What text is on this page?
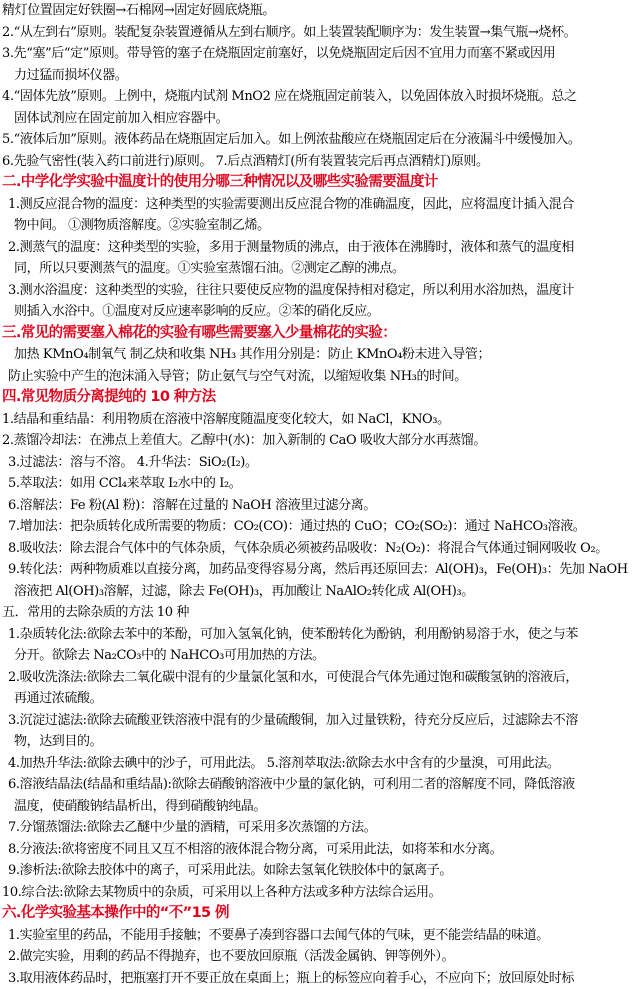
精灯位置固定好铁圈→石棉网→固定好圆底烧瓶。
2.“从左到右”原则。装配复杂装置遵循从左到右顺序。如上装置装配顺序为：发生装置→集气瓶→烧杯。
3.先“塞”后“定”原则。带导管的塞子在烧瓶固定前塞好，以免烧瓶固定后因不宜用力而塞不紧或因用
力过猛而损坏仪器。
4.“固体先放”原则。上例中，烧瓶内试剂 MnO2 应在烧瓶固定前装入，以免固体放入时损坏烧瓶。总之
固体试剂应在固定前加入相应容器中。
5.“液体后加”原则。液体药品在烧瓶固定后加入。如上例浓盐酸应在烧瓶固定后在分液漏斗中缓慢加入。
6.先验气密性(装入药口前进行)原则。 7.后点酒精灯(所有装置装完后再点酒精灯)原则。
二.中学化学实验中温度计的使用分哪三种情况以及哪些实验需要温度计
1.测反应混合物的温度：这种类型的实验需要测出反应混合物的准确温度，因此，应将温度计插入混合
物中间。 ①测物质溶解度。②实验室制乙烯。
2.测蒸气的温度：这种类型的实验，多用于测量物质的沸点，由于液体在沸腾时，液体和蒸气的温度相
同，所以只要测蒸气的温度。①实验室蒸馏石油。②测定乙醇的沸点。
3.测水浴温度：这种类型的实验，往往只要使反应物的温度保持相对稳定，所以利用水浴加热，温度计
则插入水浴中。①温度对反应速率影响的反应。②苯的硝化反应。
三.常见的需要塞入棉花的实验有哪些需要塞入少量棉花的实验：
加热 KMnO₄制氧气 制乙炔和收集 NH₃ 其作用分别是：防止 KMnO₄粉末进入导管；
防止实验中产生的泡沫涌入导管；防止氨气与空气对流，以缩短收集 NH₃的时间。
四.常见物质分离提纯的 10 种方法
1.结晶和重结晶：利用物质在溶液中溶解度随温度变化较大，如 NaCl，KNO₃。
2.蒸馏冷却法：在沸点上差值大。乙醇中(水)：加入新制的 CaO 吸收大部分水再蒸馏。
3.过滤法：溶与不溶。 4.升华法：SiO₂(I₂)。
5.萃取法：如用 CCl₄来萃取 I₂水中的 I₂。
6.溶解法：Fe 粉(Al 粉)：溶解在过量的 NaOH 溶液里过滤分离。
7.增加法：把杂质转化成所需要的物质：CO₂(CO)：通过热的 CuO；CO₂(SO₂)：通过 NaHCO₃溶液。
8.吸收法：除去混合气体中的气体杂质，气体杂质必须被药品吸收：N₂(O₂)：将混合气体通过铜网吸收 O₂。
9.转化法：两种物质难以直接分离，加药品变得容易分离，然后再还原回去：Al(OH)₃，Fe(OH)₃：先加 NaOH
溶液把 Al(OH)₃溶解，过滤，除去 Fe(OH)₃，再加酸让 NaAlO₂转化成 Al(OH)₃。
五．常用的去除杂质的方法 10 种
1.杂质转化法:欲除去苯中的苯酚，可加入氢氧化钠，使苯酚转化为酚钠，利用酚钠易溶于水，使之与苯
分开。欲除去 Na₂CO₃中的 NaHCO₃可用加热的方法。
2.吸收洗涤法:欲除去二氧化碳中混有的少量氯化氢和水，可使混合气体先通过饱和碳酸氢钠的溶液后，
再通过浓硫酸。
3.沉淀过滤法:欲除去硫酸亚铁溶液中混有的少量硫酸铜，加入过量铁粉，待充分反应后，过滤除去不溶
物，达到目的。
4.加热升华法:欲除去碘中的沙子，可用此法。 5.溶剂萃取法:欲除去水中含有的少量溴，可用此法。
6.溶液结晶法(结晶和重结晶):欲除去硝酸钠溶液中少量的氯化钠，可利用二者的溶解度不同，降低溶液
温度，使硝酸钠结晶析出，得到硝酸钠纯晶。
7.分馏蒸馏法:欲除去乙醚中少量的酒精，可采用多次蒸馏的方法。
8.分液法:欲将密度不同且又互不相溶的液体混合物分离，可采用此法，如将苯和水分离。
9.渗析法:欲除去胶体中的离子，可采用此法。如除去氢氧化铁胶体中的氯离子。
10.综合法:欲除去某物质中的杂质，可采用以上各种方法或多种方法综合运用。
六.化学实验基本操作中的“不”15 例
1.实验室里的药品，不能用手接触；不要鼻子凑到容器口去闻气体的气味，更不能尝结晶的味道。
2.做完实验，用剩的药品不得抛弃，也不要放回原瓶（活泼金属钠、钾等例外）。
3.取用液体药品时，把瓶塞打开不要正放在桌面上；瓶上的标签应向着手心，不应向下；放回原处时标
